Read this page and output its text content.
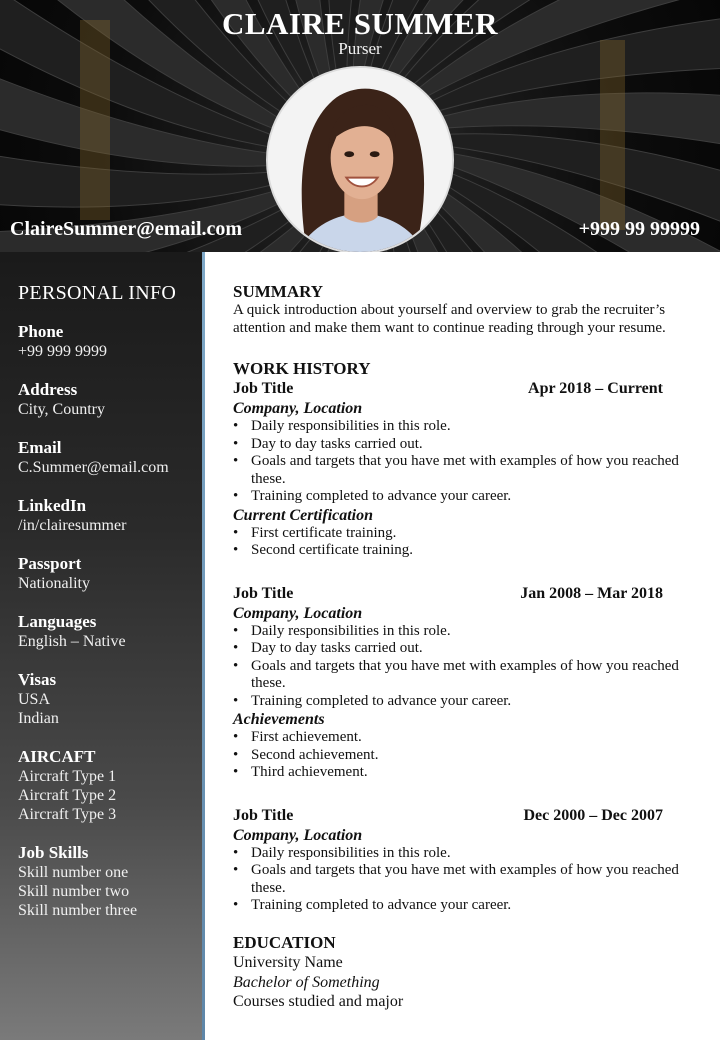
CLAIRE SUMMER
Purser
ClaireSummer@email.com	+999 99 99999
PERSONAL INFO
Phone
+99 999 9999
Address
City, Country
Email
C.Summer@email.com
LinkedIn
/in/clairesummer
Passport
Nationality
Languages
English – Native
Visas
USA
Indian
AIRCAFT
Aircraft Type 1
Aircraft Type 2
Aircraft Type 3
Job Skills
Skill number one
Skill number two
Skill number three
SUMMARY
A quick introduction about yourself and overview to grab the recruiter’s attention and make them want to continue reading through your resume.
WORK HISTORY
Job Title	Apr 2018 – Current
Company, Location
• Daily responsibilities in this role.
• Day to day tasks carried out.
• Goals and targets that you have met with examples of how you reached these.
• Training completed to advance your career.
Current Certification
• First certificate training.
• Second certificate training.
Job Title	Jan 2008 – Mar 2018
Company, Location
• Daily responsibilities in this role.
• Day to day tasks carried out.
• Goals and targets that you have met with examples of how you reached these.
• Training completed to advance your career.
Achievements
• First achievement.
• Second achievement.
• Third achievement.
Job Title	Dec 2000 – Dec 2007
Company, Location
• Daily responsibilities in this role.
• Goals and targets that you have met with examples of how you reached these.
• Training completed to advance your career.
EDUCATION
University Name
Bachelor of Something
Courses studied and major
